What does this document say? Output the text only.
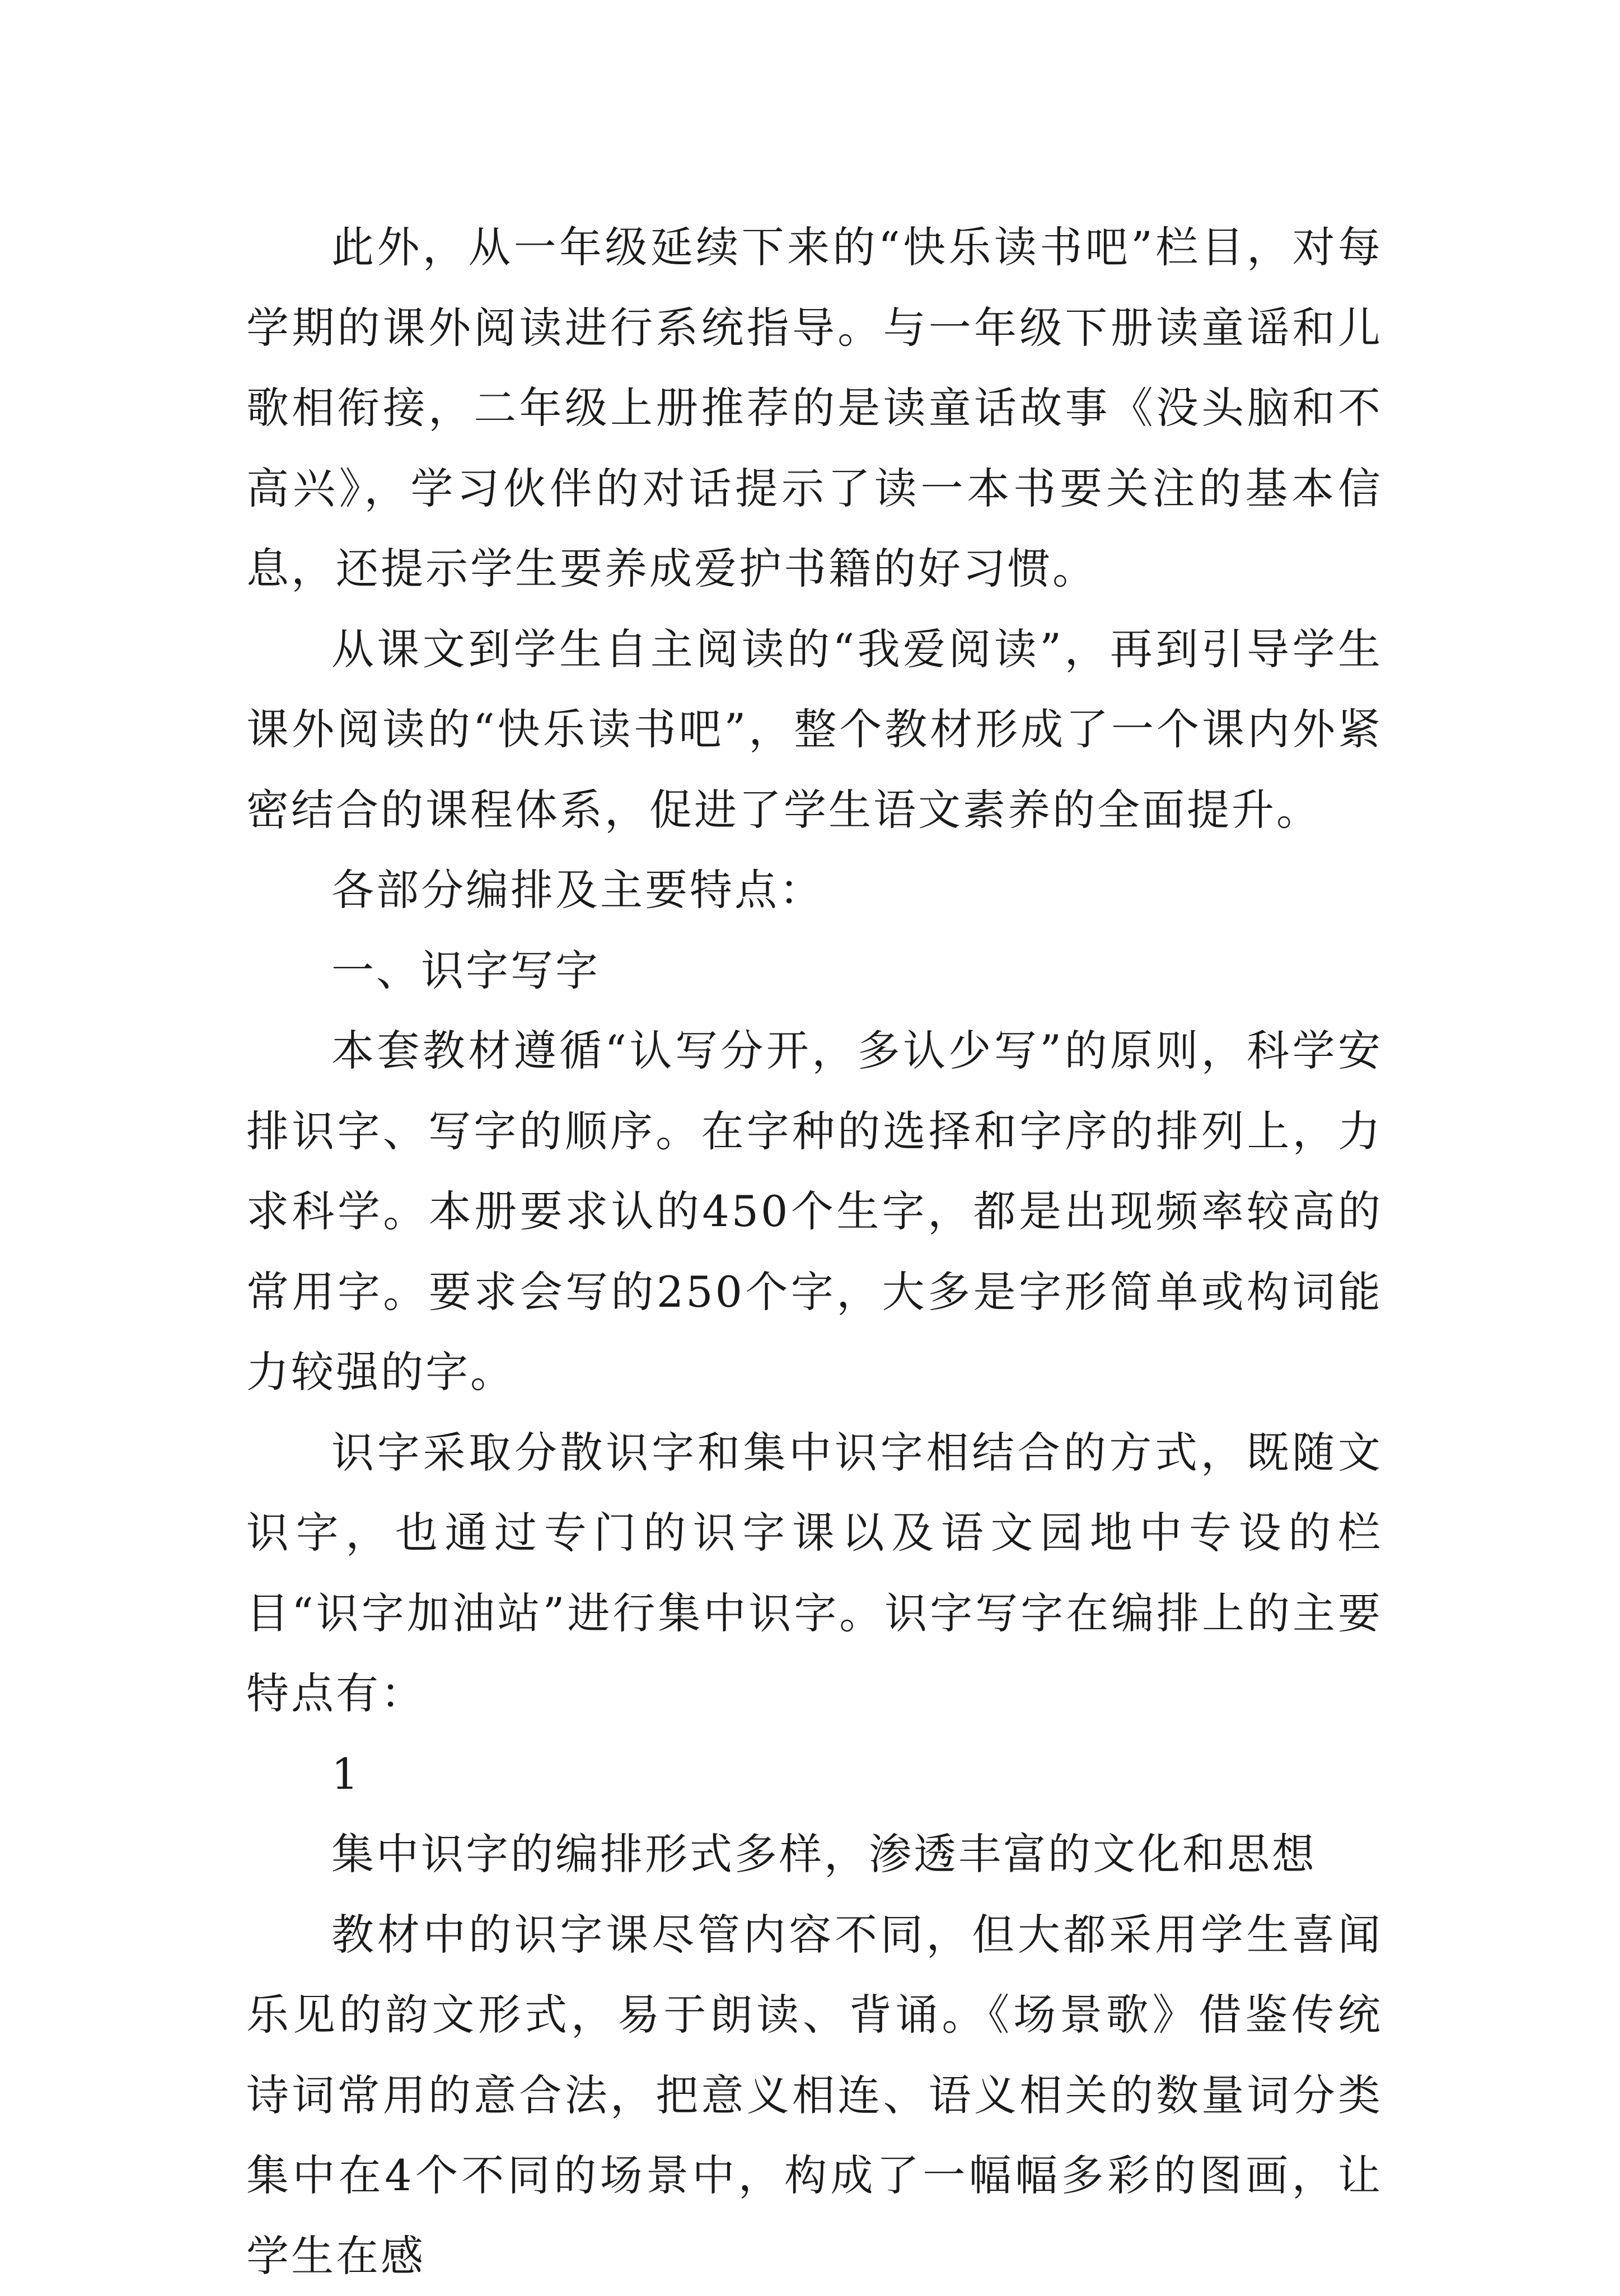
此外，从一年级延续下来的“快乐读书吧”栏目，对每学期的课外阅读进行系统指导。与一年级下册读童谣和儿歌相衔接，二年级上册推荐的是读童话故事《没头脑和不高兴》，学习伙伴的对话提示了读一本书要关注的基本信息，还提示学生要养成爱护书籍的好习惯。

从课文到学生自主阅读的“我爱阅读”，再到引导学生课外阅读的“快乐读书吧”，整个教材形成了一个课内外紧密结合的课程体系，促进了学生语文素养的全面提升。

各部分编排及主要特点：

一、识字写字

本套教材遵循“认写分开，多认少写”的原则，科学安排识字、写字的顺序。在字种的选择和字序的排列上，力求科学。本册要求认的450个生字，都是出现频率较高的常用字。要求会写的250个字，大多是字形简单或构词能力较强的字。

识字采取分散识字和集中识字相结合的方式，既随文识字，也通过专门的识字课以及语文园地中专设的栏目“识字加油站”进行集中识字。识字写字在编排上的主要特点有：

1

集中识字的编排形式多样，渗透丰富的文化和思想

教材中的识字课尽管内容不同，但大都采用学生喜闻乐见的韵文形式，易于朗读、背诵。《场景歌》借鉴传统诗词常用的意合法，把意义相连、语义相关的数量词分类集中在4个不同的场景中，构成了一幅幅多彩的图画，让学生在感
